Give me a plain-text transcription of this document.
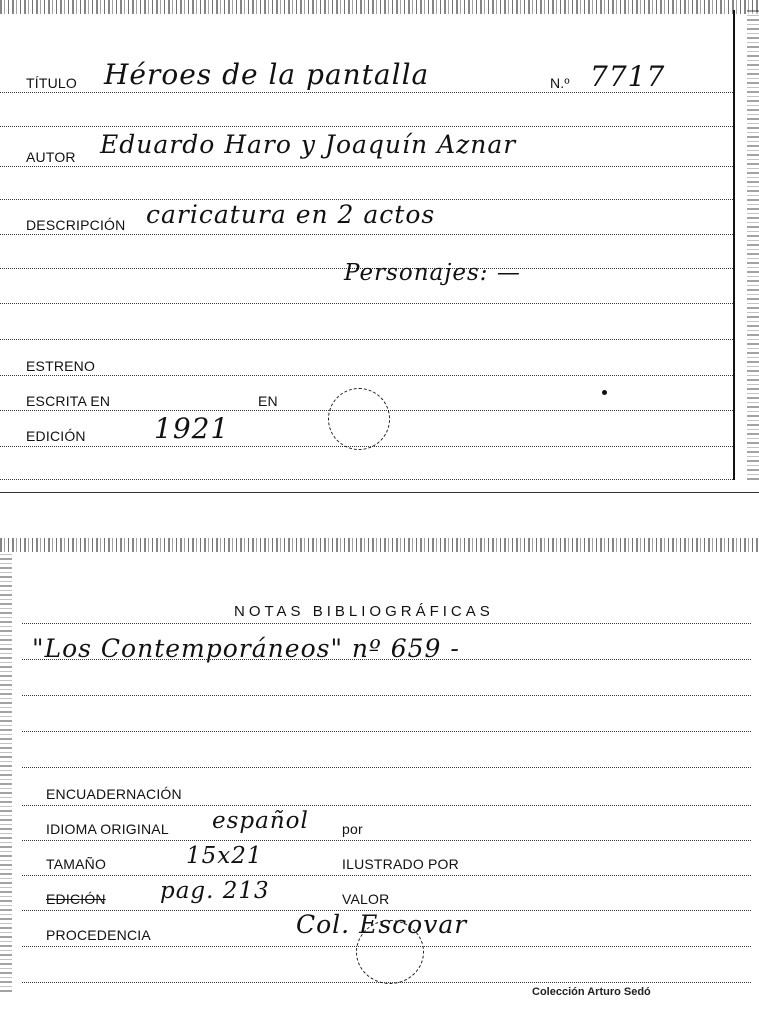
TÍTULO Héroes de la pantalla	N.º 7717
AUTOR Eduardo Haro y Joaquín Aznar
DESCRIPCIÓN caricatura en 2 actos
Personajes: —
ESTRENO
ESCRITA EN	EN
EDICIÓN 1921
NOTAS BIBLIOGRÁFICAS
"Los Contemporáneos" nº 659 -
ENCUADERNACIÓN
IDIOMA ORIGINAL español por
TAMAÑO	15x21	ILUSTRADO POR
EDICIÓN pag. 213	VALOR
PROCEDENCIA	Col. Escovar
Colección Arturo Sedó
